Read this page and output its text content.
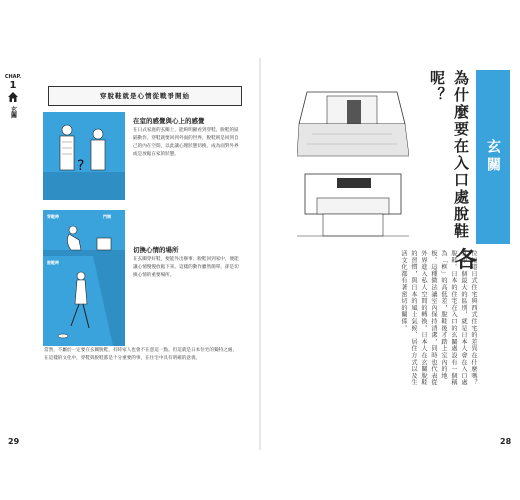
CHAP.
1
玄關
穿脫鞋就是心情從戰爭開始
?
在室的感覺與心上的感覺
在日式家庭的玄關上，能夠明顯看到穿鞋、脫鞋的區隔動作。穿鞋就要回到外面的世界，脫鞋則是回到自己的內在空間，以此讓心理狀態切換，成為面對外界或是放鬆在家的狀態。
穿鞋時	門開
脫鞋時
切換心情的場所
在玄關穿好鞋，便能外出辦事；脫鞋回到家中，便能讓心情慢慢放鬆下來。這樣的動作雖然簡單，卻是切換心情的重要場所。
當然，不屬於一定要在玄關脫鞋，有時家人也會不在意這一點。但這就是日本住宅的獨特之處，在這樣的文化中，穿鞋與脫鞋都是十分重要的事，在住宅中具有明確的意義。
29
玄關
為什麼要在入口處脫鞋呢？
各
位知道日式住宅與西式住宅的差異在什麼嗎？其中一個最大的區別，就是日本人會在入口處脫鞋。日本的住宅在入口的玄關處設有一個稱為「框」的高低差，脫鞋後才踏上室內的地板。這種做法讓室內保持清潔，同時也代表從外界進入私人空間的轉換。日本人在玄關脫鞋的習慣，與日本的風土氣候、居住方式以及生活文化都有著密切的關係。
28
